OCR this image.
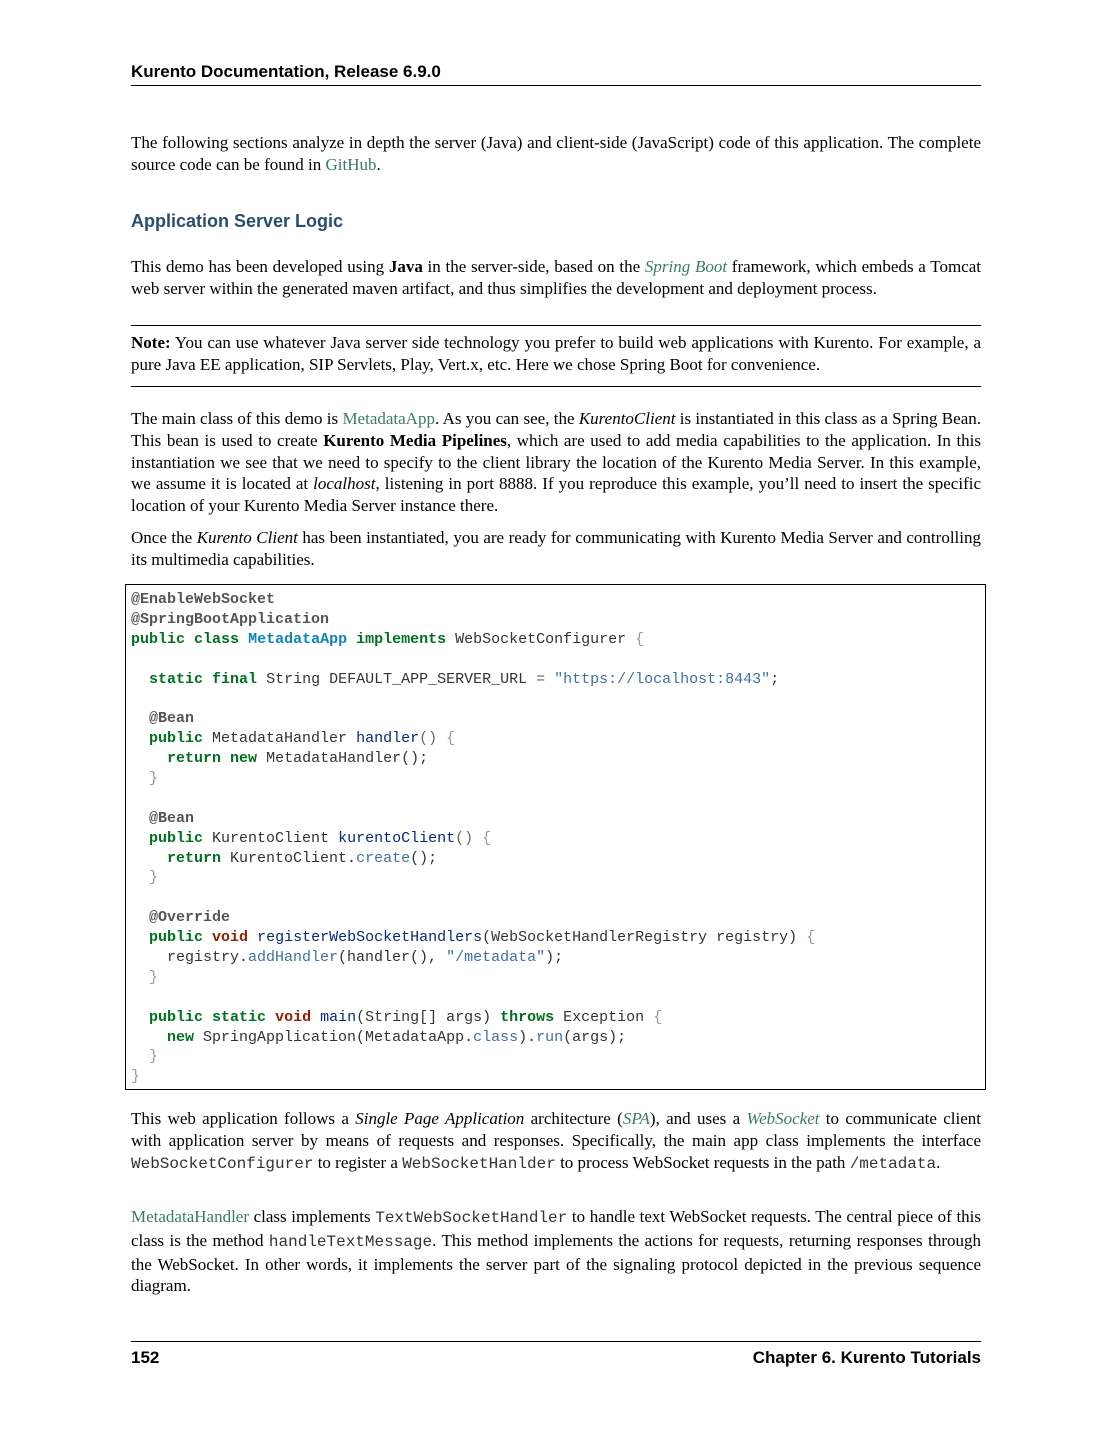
Kurento Documentation, Release 6.9.0
The following sections analyze in depth the server (Java) and client-side (JavaScript) code of this application. The complete source code can be found in GitHub.
Application Server Logic
This demo has been developed using Java in the server-side, based on the Spring Boot framework, which embeds a Tomcat web server within the generated maven artifact, and thus simplifies the development and deployment process.
Note: You can use whatever Java server side technology you prefer to build web applications with Kurento. For example, a pure Java EE application, SIP Servlets, Play, Vert.x, etc. Here we chose Spring Boot for convenience.
The main class of this demo is MetadataApp. As you can see, the KurentoClient is instantiated in this class as a Spring Bean. This bean is used to create Kurento Media Pipelines, which are used to add media capabilities to the application. In this instantiation we see that we need to specify to the client library the location of the Kurento Media Server. In this example, we assume it is located at localhost, listening in port 8888. If you reproduce this example, you’ll need to insert the specific location of your Kurento Media Server instance there.
Once the Kurento Client has been instantiated, you are ready for communicating with Kurento Media Server and controlling its multimedia capabilities.
@EnableWebSocket
@SpringBootApplication
public class MetadataApp implements WebSocketConfigurer {
static final String DEFAULT_APP_SERVER_URL = "https://localhost:8443";
@Bean
public MetadataHandler handler() {
return new MetadataHandler();
}
@Bean
public KurentoClient kurentoClient() {
return KurentoClient.create();
}
@Override
public void registerWebSocketHandlers(WebSocketHandlerRegistry registry) {
registry.addHandler(handler(), "/metadata");
}
public static void main(String[] args) throws Exception {
new SpringApplication(MetadataApp.class).run(args);
}
}
This web application follows a Single Page Application architecture (SPA), and uses a WebSocket to communicate client with application server by means of requests and responses. Specifically, the main app class implements the interface WebSocketConfigurer to register a WebSocketHanlder to process WebSocket requests in the path /metadata.
MetadataHandler class implements TextWebSocketHandler to handle text WebSocket requests. The central piece of this class is the method handleTextMessage. This method implements the actions for requests, returning responses through the WebSocket. In other words, it implements the server part of the signaling protocol depicted in the previous sequence diagram.
152	Chapter 6. Kurento Tutorials
